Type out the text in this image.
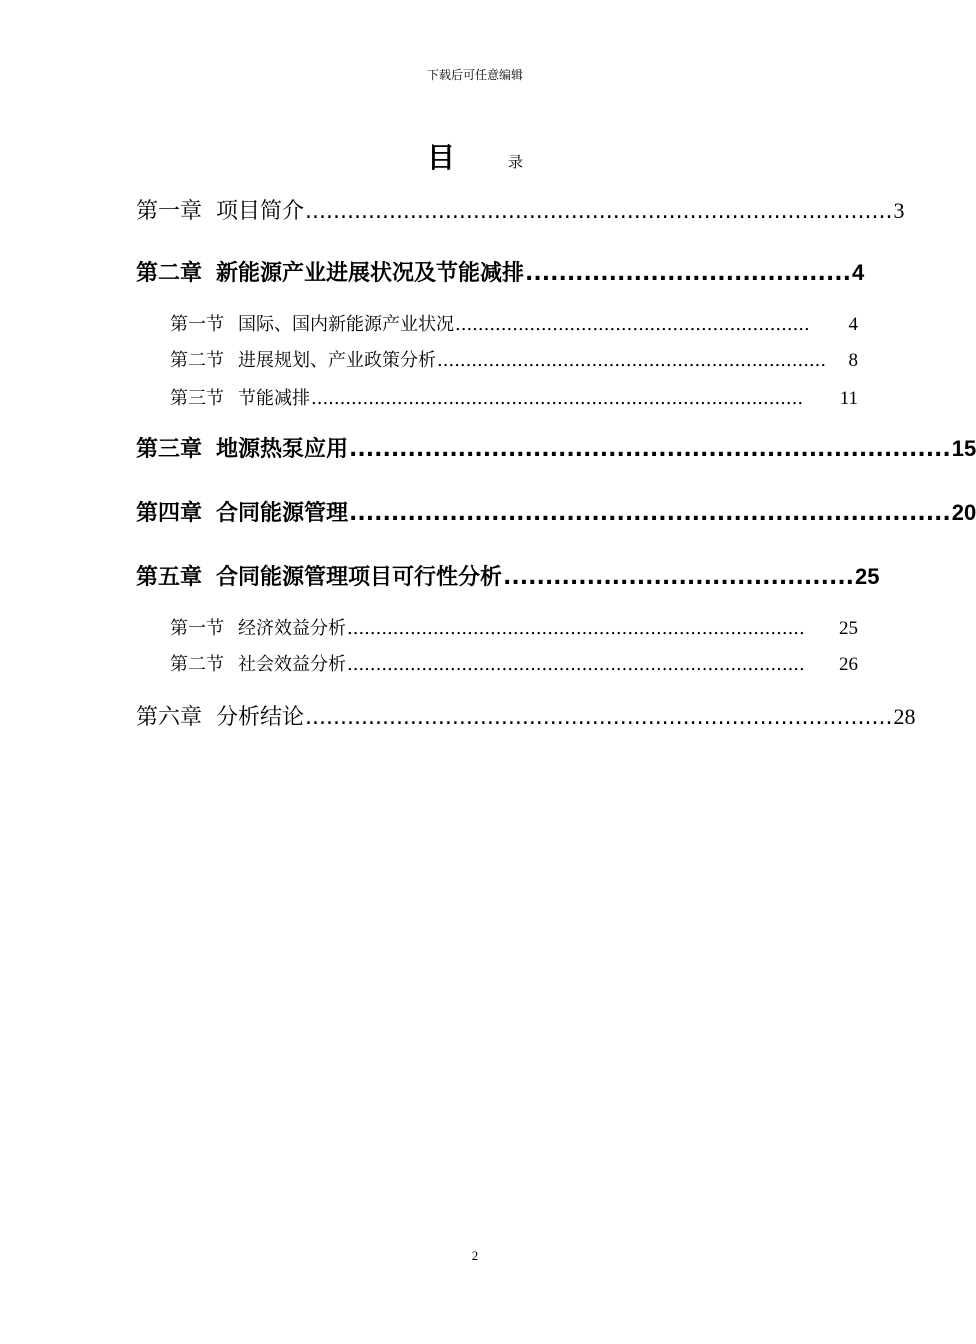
下载后可任意编辑
目	录
第一章 项目简介 .................................................................................... 3
第二章 新能源产业进展状况及节能减排 ....................................... 4
第一节 国际、国内新能源产业状况 ..............................................................	4
第二节 进展规划、产业政策分析 ....................................................................	8
第三节 节能减排 ......................................................................................	11
第三章 地源热泵应用 ........................................................................ 15
第四章 合同能源管理 ........................................................................ 20
第五章 合同能源管理项目可行性分析 .......................................... 25
第一节 经济效益分析 ................................................................................	25
第二节 社会效益分析 ................................................................................	26
第六章 分析结论 .................................................................................... 28
2
